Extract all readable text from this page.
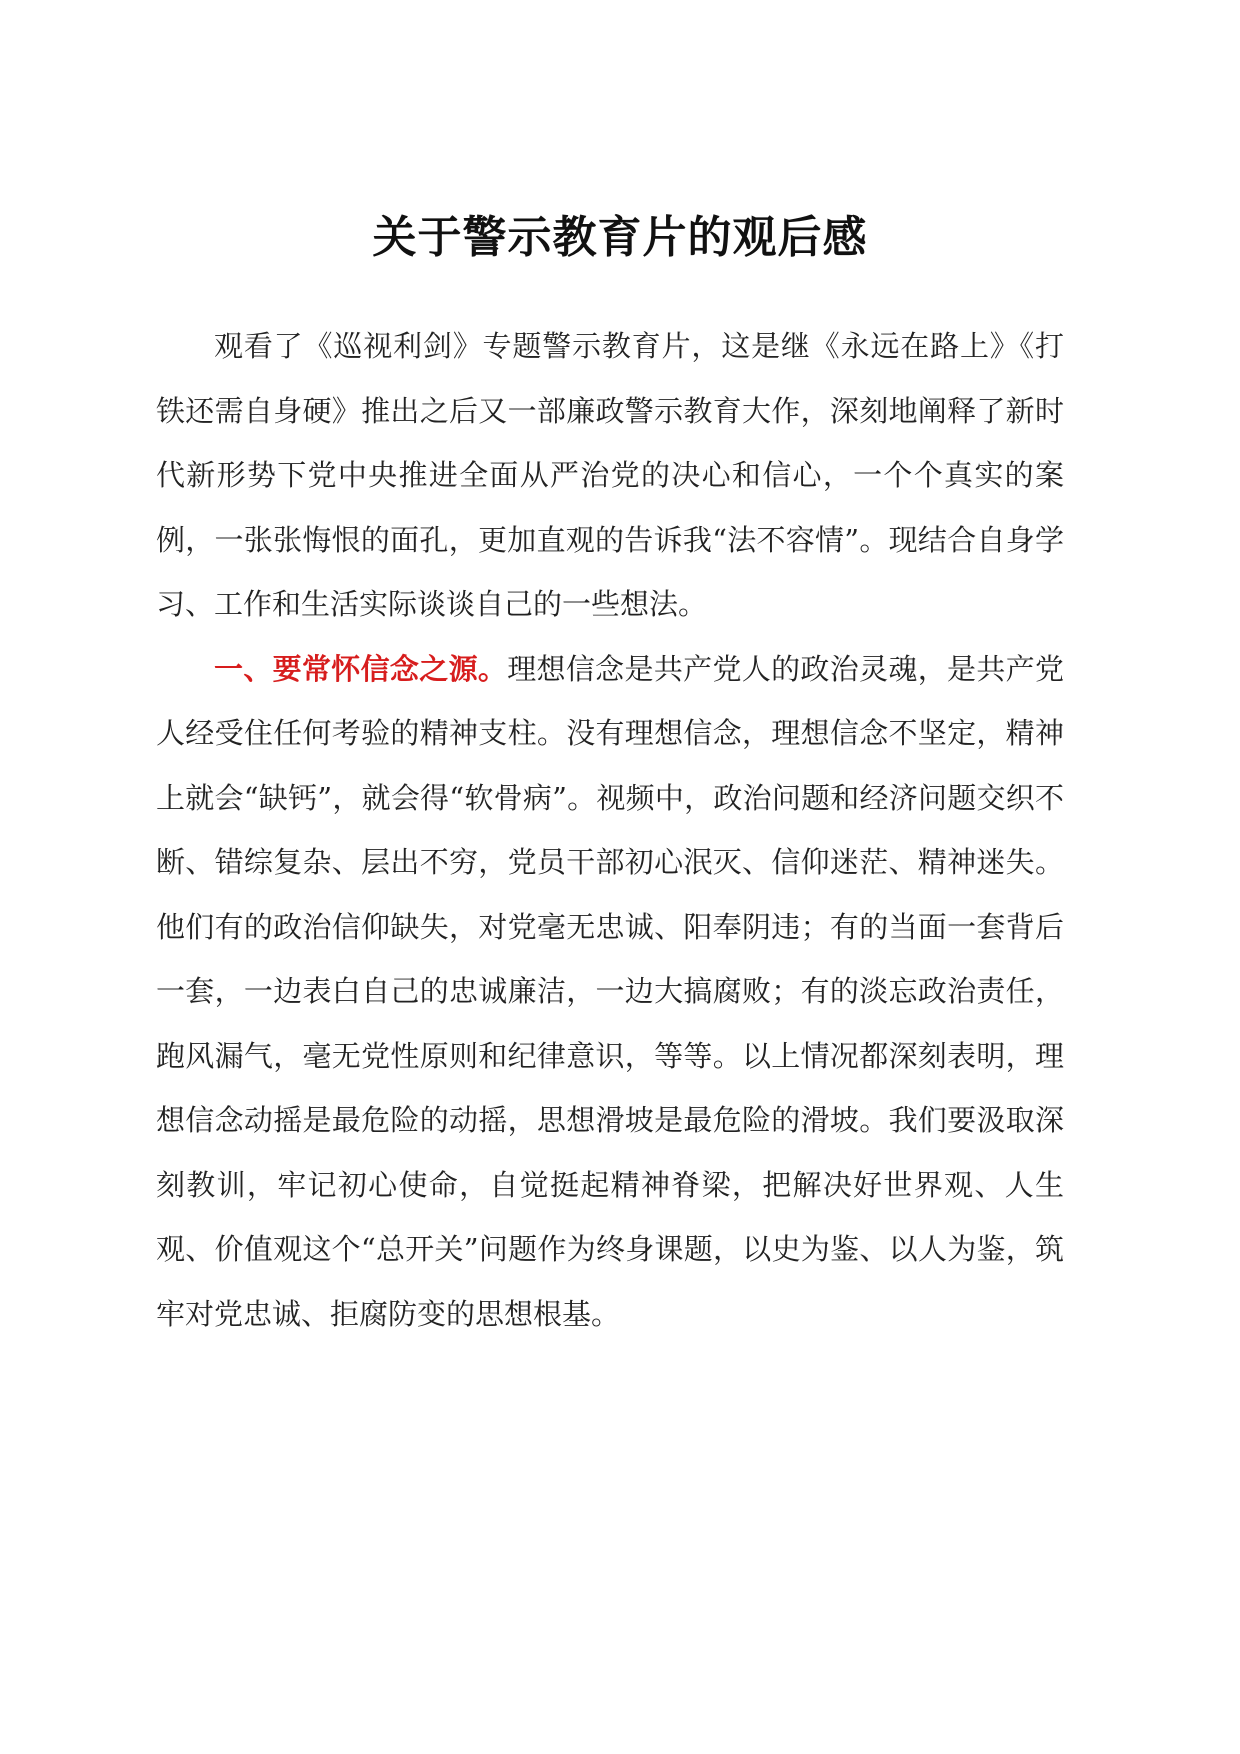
关于警示教育片的观后感

观看了《巡视利剑》专题警示教育片，这是继《永远在路上》《打铁还需自身硬》推出之后又一部廉政警示教育大作，深刻地阐释了新时代新形势下党中央推进全面从严治党的决心和信心，一个个真实的案例，一张张悔恨的面孔，更加直观的告诉我“法不容情”。现结合自身学习、工作和生活实际谈谈自己的一些想法。

一、要常怀信念之源。理想信念是共产党人的政治灵魂，是共产党人经受住任何考验的精神支柱。没有理想信念，理想信念不坚定，精神上就会“缺钙”，就会得“软骨病”。视频中，政治问题和经济问题交织不断、错综复杂、层出不穷，党员干部初心泯灭、信仰迷茫、精神迷失。他们有的政治信仰缺失，对党毫无忠诚、阳奉阴违；有的当面一套背后一套，一边表白自己的忠诚廉洁，一边大搞腐败；有的淡忘政治责任，跑风漏气，毫无党性原则和纪律意识，等等。以上情况都深刻表明，理想信念动摇是最危险的动摇，思想滑坡是最危险的滑坡。我们要汲取深刻教训，牢记初心使命，自觉挺起精神脊梁，把解决好世界观、人生观、价值观这个“总开关”问题作为终身课题，以史为鉴、以人为鉴，筑牢对党忠诚、拒腐防变的思想根基。
